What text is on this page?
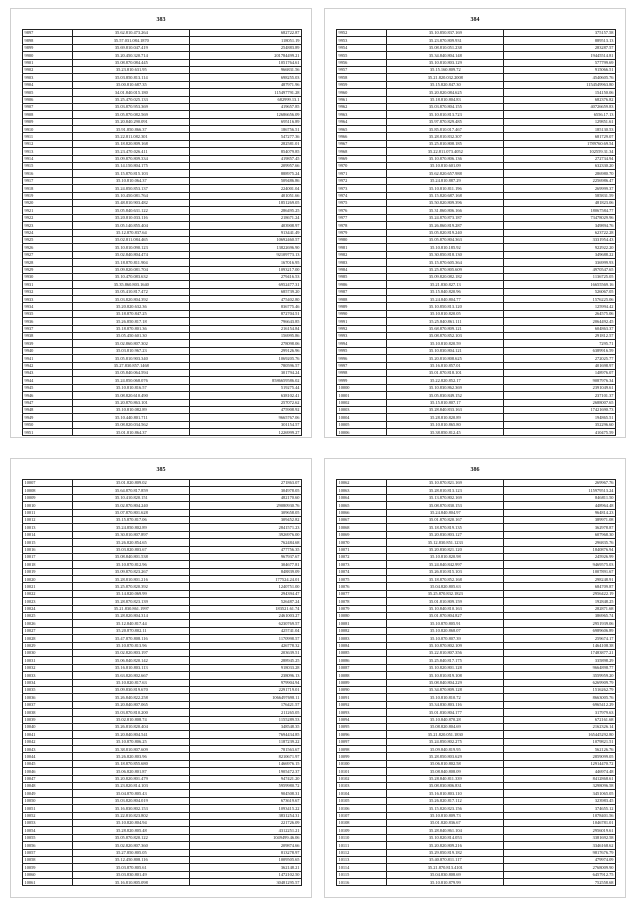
383
9897	35.62.810.473.264	682722.87
9898	35.57.031.084.1870	118051.19
9899	35.69.810.047.419	254883.89
9900	35.20.450.320.714	201784499.21
9901	35.08.870.084.445	1051764.61
9902	35.23.810.631.95	966831.56
9903	35.03.850.813.114	698255.03
9904	35.00.810.687.35	487971.96
9905	34.01.840.015.180	115497791.28
9906	35.25.470.025.133	682999.13.1
9907	35.03.870.953.369	419657.85
9908	35.05.870.082.569	12686656.09
9909	35.20.840.290.091	695116.89
9910	35.91.850.866.37	186756.51
9911	35.22.811.082.301	547277.36
9912	35.18.820.809.168	282581.01
9913	35.23.470.026.411	854079.85
9914	35.09.870.809.334	419857.45
9915	35.14.150.804.175	209957.66
9916	35.15.870.815.103	888975.24
9917	35.10.810.064.37	509486.86
9918	35.24.850.853.137	224001.04
9919	35.10.450.081.764	401051.66
9920	35.48.810.903.482	1851269.05
9921	35.05.840.631.122	286495.25
9922	35.20.810.033.116	218671.24
9923	35.05.140.855.404	403908.97
9924	35.12.870.837.64	913441.49
9925	35.02.811.084.465	10692460.57
9926	35.10.810.090.123	13822696.90
9927	35.02.840.804.474	92109773.13
9928	35.18.870.811.904	167016.95
9929	35.09.820.081.704	1093217.00
9930	35.10.470.083.632	279416.53
9931	35.35.860.803.1640	6952477.31
9932	35.05.410.817.472	685739.20
9933	35.03.820.804.392	475402.80
9934	35.20.820.632.36	836775.46
9935	35.18.870.847.25	872704.51
9936	35.26.850.817.18	796643.85
9937	35.18.870.801.36	216154.84
9938	35.05.450.601.30	156995.86
9939	35.02.860.807.302	278098.06
9940	35.03.810.967.23	299126.96
9941	35.05.810.903.340	1069205.76
9942	35.27.830.857.1468	780596.57
9943	35.05.840.064.594	301794.24
9944	35.24.850.068.076	8586659586.02
9945	35.10.810.816.57	519275.44
9946	35.08.820.610.490	638102.41
9947	35.20.870.863.101	257072.62
9948	35.10.810.082.89	475908.92
9949	35.10.440.801.711	9665767.06
9950	35.08.820.034.562	301154.57
9951	35.01.810.864.37	1226999.27
384
9952	35.10.850.837.169	375157.58
9953	35.23.870.809.931	889513.13
9954	35.08.810.051.238	283287.57
9955	35.34.840.804.148	19445514.81
9956	35.10.810.803.129	577799.69
9957	35.15.160.809.72	915066.51
9958	35.21.820.032.2008	4540605.76
9959	35.15.820.847.30	1154549963.80
9960	35.20.820.084.625	154150.06
9961	35.18.810.804.83	682376.82
9962	35.03.870.804.155	40726659.83
9963	35.10.810.813.723	6556.17.13
9964	35.97.870.829.485	129851.61
9965	35.85.810.017.467	185130.53
9966	35.28.810.832.307	681729.07
9967	35.25.810.808.185	1789760.69.54
9968	35.22.811.073.4052	102559.31.34
9969	35.10.870.806.136	272734.94
9970	35.10.810.601.09	632330.20
9971	35.62.820.657.988	286980.70
9972	35.24.810.887.29	2256986.47
9973	35.10.810.811.196	269999.37
9974	35.15.820.687.168	585831.59
9975	35.50.820.809.396	481823.06
9976	35.31.860.806.166	18067584.77
9977	35.24.870.873.187	73478029.96
9978	35.26.860.819.287	349894.76
9979	35.05.820.819.240	623722.28
9980	35.05.870.804.363	3331954.43
9981	35.10.810.185.92	922922.20
9982	35.30.850.818.130	349688.22
9983	35.15.870.605.364	336999.93
9984	35.25.870.805.609	4970547.65
9985	35.09.820.082.182	1136725.05
9986	35.21.830.827.13	16655569.16
9987	35.15.840.820.96	526067.05
9988	35.24.840.804.77	1576225.06
9989	35.10.850.813.120	125994.42
9990	35.10.810.820.05	264575.06
9991	35.25.840.861.111	2064492.45
9992	35.68.870.809.121	604863.37
9993	35.08.870.852.103	291812.57
9994	35.10.810.820.59	7295.71
9995	35.10.830.804.121	6389916.59
9996	35.20.810.808.625	272025.77
9997	35.16.810.857.01	401698.97
9998	35.01.870.818.101	148976.07
9999	35.22.820.852.17	9087976.34
10000	35.10.830.862.369	2391049.61
10001	35.05.830.849.152	237101.37
10002	35.15.810.807.17	2688007.65
10003	35.28.840.833.163	17421690.73
10004	35.28.810.820.89	194865.51
10005	35.10.810.865.80	352296.60
10006	35.38.850.812.45	410475.59
385
10007	35.01.820.809.02	271863.07
10008	35.64.870.817.859	304978.05
10009	35.10.410.820.151	482170.60
10010	35.02.870.804.240	29080930.76
10011	35.07.870.801.628	309658.05
10012	35.15.870.817.06	309452.82
10013	35.24.850.802.89	2841571.23
10014	35.30.810.807.897	3926976.00
10015	35.26.820.854.65	762484.68
10016	35.03.820.803.67	477756.35
10017	35.08.840.801.538	967937.67
10018	35.10.870.812.96	304677.81
10019	35.09.870.823.267	848839.09
10020	35.28.810.801.216	177524.24.01
10021	35.25.870.820.392	1240751.00
10022	35.14.820.069.99	294394.47
10023	35.28.870.823.139	526487.24
10024	35.21.830.861.1997	183521.61.74
10025	35.28.820.804.314	2461003.27
10026	35.12.840.817.44	6230769.57
10027	35.20.870.802.11	425741.04
10028	35.47.870.808.116	1170998.57
10029	35.10.870.813.96	426778.32
10030	35.02.820.803.197	203639.51
10031	35.06.840.820.142	288945.25
10032	35.16.810.803.113	918033.28
10033	35.63.820.802.667	238096.13
10034	35.10.820.817.63	979904.94
10035	35.09.830.819.670	2291719.01
10036	35.26.840.822.258	1066497698.11
10037	35.20.840.807.065	176421.57
10038	35.03.870.810.200	211265.05
10039	35.02.810.808.74	1155289.53
10040	35.26.810.820.404	348548.35
10041	35.20.840.804.541	7694434.85
10042	35.10.870.806.25	1187239.22
10043	35.38.810.807.609	781563.67
10044	35.26.820.803.96	8210671.97
10045	35.18.870.855.680	1466976.15
10046	35.06.820.801.87	1905472.37
10047	35.20.820.801.479	947421.20
10048	35.23.820.814.103	5959980.72
10049	35.04.870.805.43	904508.31
10050	35.03.820.804.019	673619.67
10051	35.16.830.802.153	1093415.22
10052	35.22.810.823.802	3831254.31
10053	35.10.820.804.94	221726.09
10054	35.28.820.805.48	4312251.21
10055	35.05.870.820.122	1049499.46.06
10056	35.02.820.807.360	209874.66
10057	35.27.850.805.05	813278.97
10058	35.12.450.808.116	1009505.65
10059	35.03.870.805.61	362148.21
10060	35.03.830.801.49	1472102.50
10061	35.16.810.805.098	30481295.57
386
10062	35.10.870.821.169	269967.76
10063	35.28.810.813.123	115979513.24
10064	35.13.870.802.169	846811.50
10065	35.08.870.830.153	448964.48
10066	35.24.840.804.97	964814.23
10067	35.01.870.820.167	389971.08
10068	35.18.870.819.135	362978.87
10069	35.20.830.803.127	607968.30
10070	35.12.830.851.1233	296835.76
10071	35.20.830.821.120	1840876.94
10072	35.10.810.820.98	245926.99
10073	35.24.840.842.997	9469575.03
10074	35.26.810.815.103	1007891.67
10075	35.18.870.852.168	298248.91
10076	35.04.820.805.63	684709.87
10077	35.25.870.832.1823	2956422.19
10078	35.01.810.809.159	192848.25
10079	35.10.840.810.163	282871.68
10080	35.01.870.804.827	386965.74
10081	35.10.870.805.91	2951939.06
10082	35.10.820.868.07	6989606.89
10083	35.10.870.807.39	259674.17
10084	35.10.870.802.109	1464108.38
10085	35.22.810.807.356	17483877.21
10086	35.25.840.817.175	335898.29
10087	35.10.820.801.128	9664898.77
10088	35.10.810.819.108	3559959.20
10089	35.08.840.804.229	6269909.79
10090	35.34.870.809.128	1516262.79
10091	35.10.810.810.72	8663005.76
10092	35.34.830.803.116	6965412.29
10093	35.01.830.804.177	317979.63
10094	35.10.840.870.28	672161.68
10095	35.08.820.804.69	2162326.14
10096	35.21.820.051.1830	165445292.80
10097	35.24.850.802.275	1079821.51
10098	35.09.840.819.95	562126.76
10099	35.28.850.803.629	2859099.05
10100	35.06.810.802.58	12914470.72
10101	35.08.840.808.09	446974.48
10102	35.28.840.811.339	8412868.61
10103	35.08.830.806.831	3298096.58
10104	35.16.810.803.110	3451065.05
10105	35.26.820.817.112	323983.45
10106	35.15.820.823.156	374655.12
10107	35.10.810.809.73	1078401.56
10108	35.01.820.836.67	1046781.01
10109	35.28.840.861.104	2956019.61
10110	35.10.820.814.053	3381692.58
10111	35.20.820.809.216	3346168.62
10112	35.29.850.819.182	9817676.79
10113	35.40.870.811.117	479974.09
10114	35.21.870.813.4101	2768009.90
10115	35.04.830.808.69	6457912.75
10116	35.10.810.879.99	752558.68
